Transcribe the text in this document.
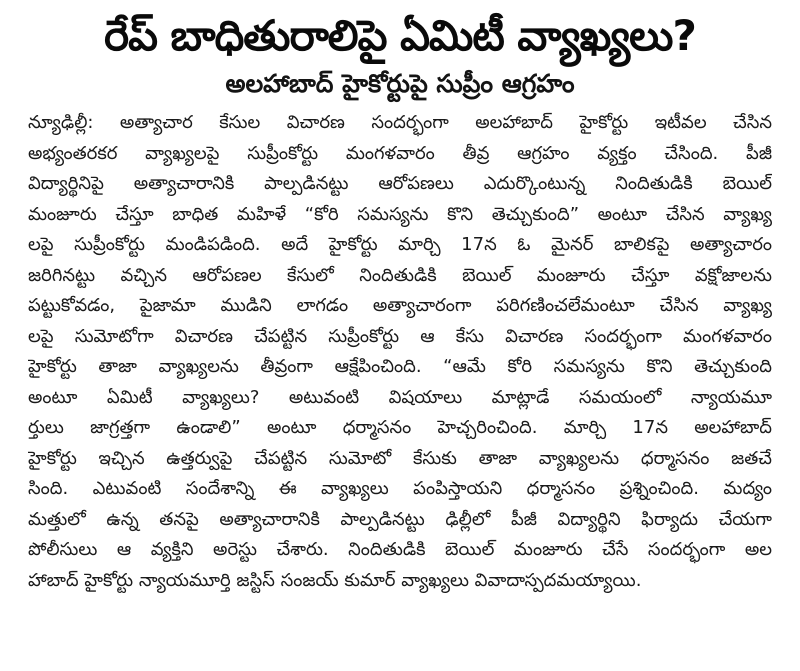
రేప్ బాధితురాలిపై ఏమిటీ వ్యాఖ్యలు?
అలహాబాద్ హైకోర్టుపై సుప్రీం ఆగ్రహం
న్యూఢిల్లీ: అత్యాచార కేసుల విచారణ సందర్భంగా అలహాబాద్ హైకోర్టు ఇటీవల చేసిన
అభ్యంతరకర వ్యాఖ్యలపై సుప్రీంకోర్టు మంగళవారం తీవ్ర ఆగ్రహం వ్యక్తం చేసింది. పీజీ
విద్యార్థినిపై అత్యాచారానికి పాల్పడినట్టు ఆరోపణలు ఎదుర్కొంటున్న నిందితుడికి బెయిల్
మంజూరు చేస్తూ బాధిత మహిళే “కోరి సమస్యను కొని తెచ్చుకుంది” అంటూ చేసిన వ్యాఖ్య
లపై సుప్రీంకోర్టు మండిపడింది. అదే హైకోర్టు మార్చి 17న ఓ మైనర్ బాలికపై అత్యాచారం
జరిగినట్టు వచ్చిన ఆరోపణల కేసులో నిందితుడికి బెయిల్ మంజూరు చేస్తూ వక్షోజాలను
పట్టుకోవడం, పైజామా ముడిని లాగడం అత్యాచారంగా పరిగణించలేమంటూ చేసిన వ్యాఖ్య
లపై సుమోటోగా విచారణ చేపట్టిన సుప్రీంకోర్టు ఆ కేసు విచారణ సందర్భంగా మంగళవారం
హైకోర్టు తాజా వ్యాఖ్యలను తీవ్రంగా ఆక్షేపించింది. “ఆమే కోరి సమస్యను కొని తెచ్చుకుంది
అంటూ ఏమిటీ వ్యాఖ్యలు? అటువంటి విషయాలు మాట్లాడే సమయంలో న్యాయమూ
ర్తులు జాగ్రత్తగా ఉండాలి” అంటూ ధర్మాసనం హెచ్చరించింది. మార్చి 17న అలహాబాద్
హైకోర్టు ఇచ్చిన ఉత్తర్వుపై చేపట్టిన సుమోటో కేసుకు తాజా వ్యాఖ్యలను ధర్మాసనం జతచే
సింది. ఎటువంటి సందేశాన్ని ఈ వ్యాఖ్యలు పంపిస్తాయని ధర్మాసనం ప్రశ్నించింది. మద్యం
మత్తులో ఉన్న తనపై అత్యాచారానికి పాల్పడినట్టు ఢిల్లీలో పీజీ విద్యార్థిని ఫిర్యాదు చేయగా
పోలీసులు ఆ వ్యక్తిని అరెస్టు చేశారు. నిందితుడికి బెయిల్ మంజూరు చేసే సందర్భంగా అల
హాబాద్ హైకోర్టు న్యాయమూర్తి జస్టిస్ సంజయ్ కుమార్ వ్యాఖ్యలు వివాదాస్పదమయ్యాయి.
